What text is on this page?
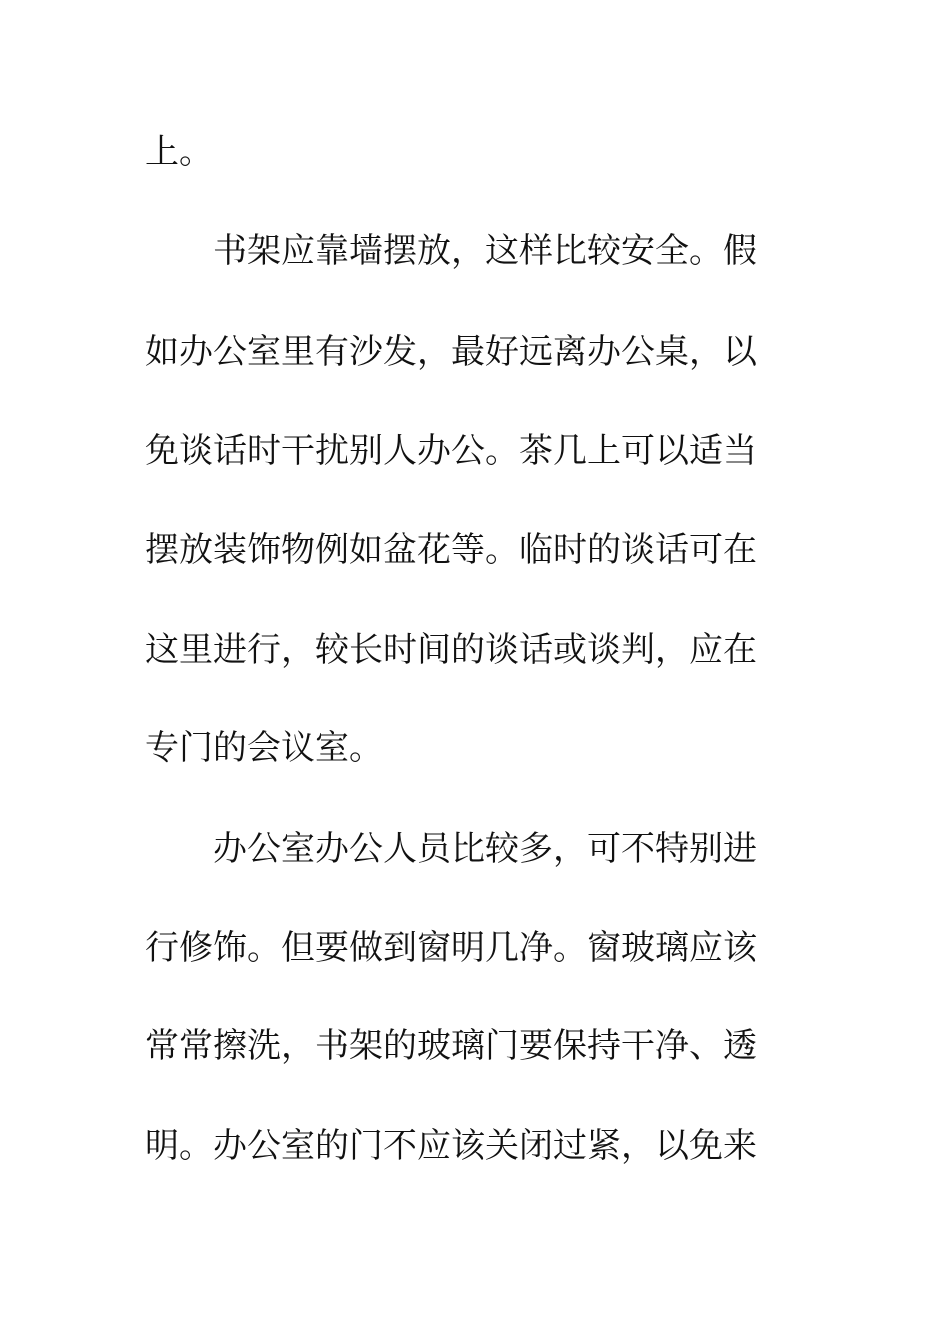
上。
书架应靠墙摆放，这样比较安全。假
如办公室里有沙发，最好远离办公桌，以
免谈话时干扰别人办公。茶几上可以适当
摆放装饰物例如盆花等。临时的谈话可在
这里进行，较长时间的谈话或谈判，应在
专门的会议室。
办公室办公人员比较多，可不特别进
行修饰。但要做到窗明几净。窗玻璃应该
常常擦洗，书架的玻璃门要保持干净、透
明。办公室的门不应该关闭过紧，以免来
